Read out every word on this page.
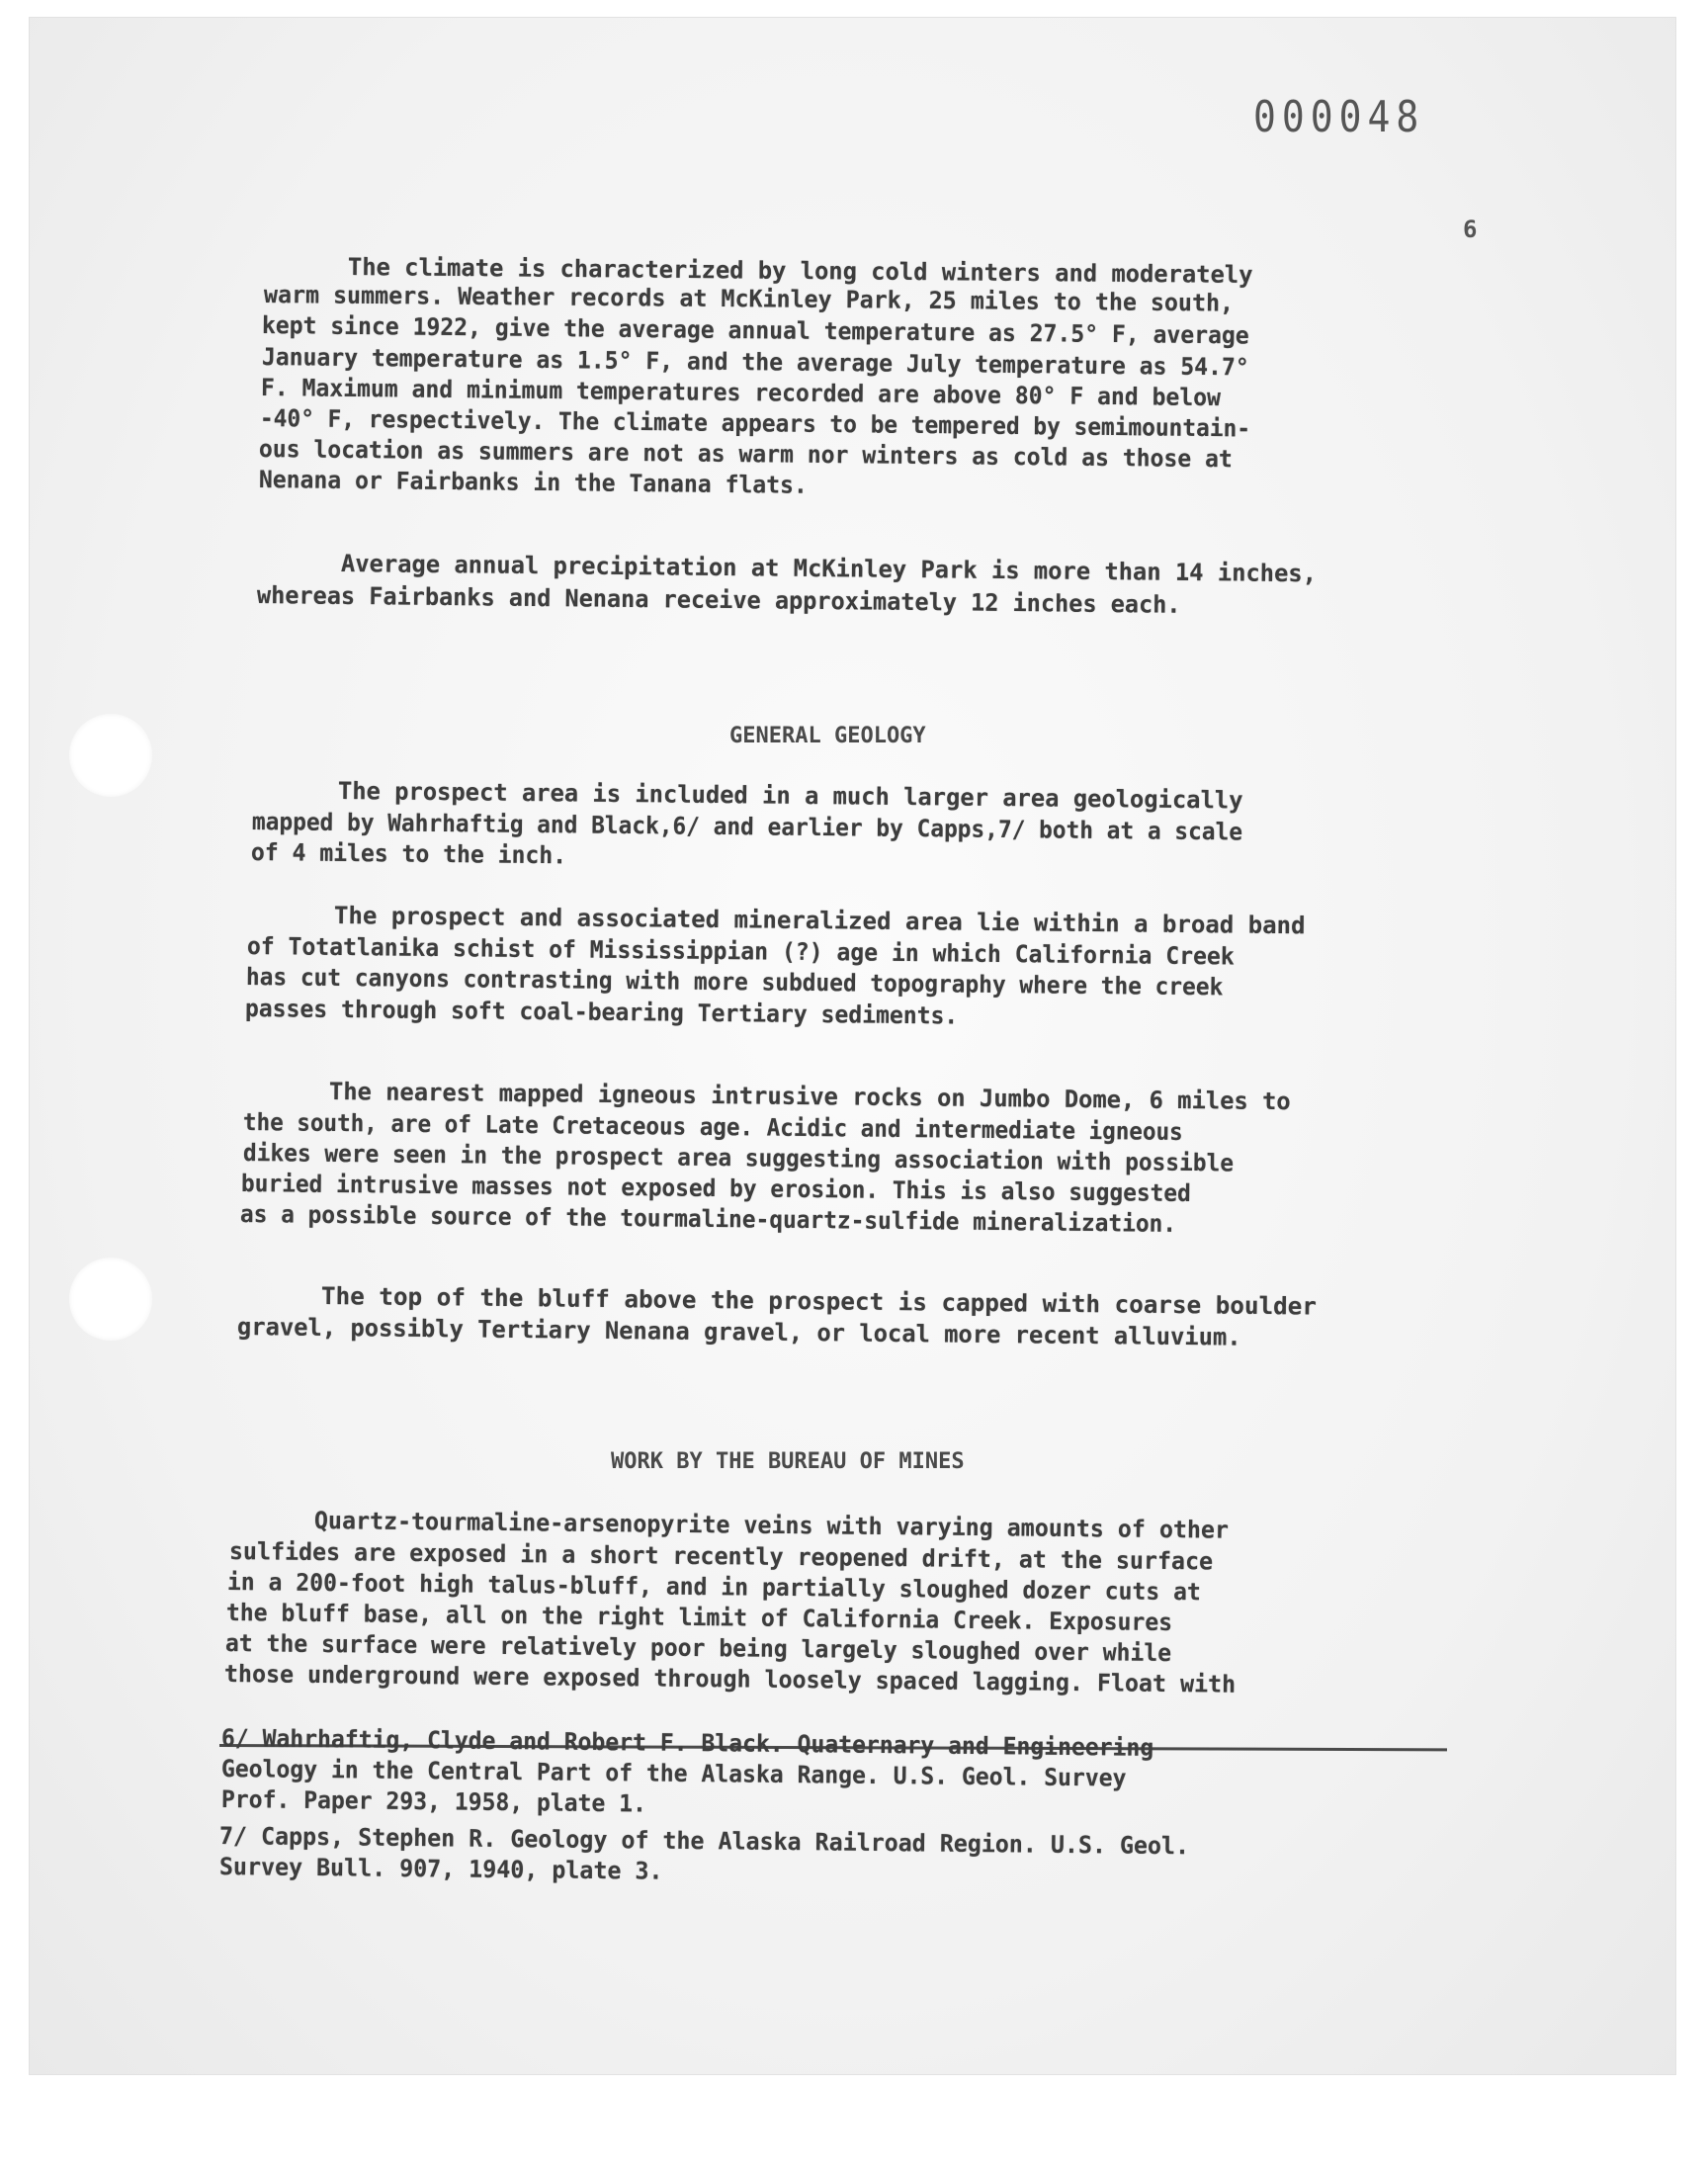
000048
6
The climate is characterized by long cold winters and moderately
warm summers. Weather records at McKinley Park, 25 miles to the south,
kept since 1922, give the average annual temperature as 27.5° F, average
January temperature as 1.5° F, and the average July temperature as 54.7°
F. Maximum and minimum temperatures recorded are above 80° F and below
-40° F, respectively. The climate appears to be tempered by semimountain-
ous location as summers are not as warm nor winters as cold as those at
Nenana or Fairbanks in the Tanana flats.
Average annual precipitation at McKinley Park is more than 14 inches,
whereas Fairbanks and Nenana receive approximately 12 inches each.
GENERAL GEOLOGY
The prospect area is included in a much larger area geologically
mapped by Wahrhaftig and Black,6/ and earlier by Capps,7/ both at a scale
of 4 miles to the inch.
The prospect and associated mineralized area lie within a broad band
of Totatlanika schist of Mississippian (?) age in which California Creek
has cut canyons contrasting with more subdued topography where the creek
passes through soft coal-bearing Tertiary sediments.
The nearest mapped igneous intrusive rocks on Jumbo Dome, 6 miles to
the south, are of Late Cretaceous age. Acidic and intermediate igneous
dikes were seen in the prospect area suggesting association with possible
buried intrusive masses not exposed by erosion. This is also suggested
as a possible source of the tourmaline-quartz-sulfide mineralization.
The top of the bluff above the prospect is capped with coarse boulder
gravel, possibly Tertiary Nenana gravel, or local more recent alluvium.
WORK BY THE BUREAU OF MINES
Quartz-tourmaline-arsenopyrite veins with varying amounts of other
sulfides are exposed in a short recently reopened drift, at the surface
in a 200-foot high talus-bluff, and in partially sloughed dozer cuts at
the bluff base, all on the right limit of California Creek. Exposures
at the surface were relatively poor being largely sloughed over while
those underground were exposed through loosely spaced lagging. Float with
6/ Wahrhaftig, Clyde and Robert F. Black. Quaternary and Engineering
Geology in the Central Part of the Alaska Range. U.S. Geol. Survey
Prof. Paper 293, 1958, plate 1.
7/ Capps, Stephen R. Geology of the Alaska Railroad Region. U.S. Geol.
Survey Bull. 907, 1940, plate 3.
